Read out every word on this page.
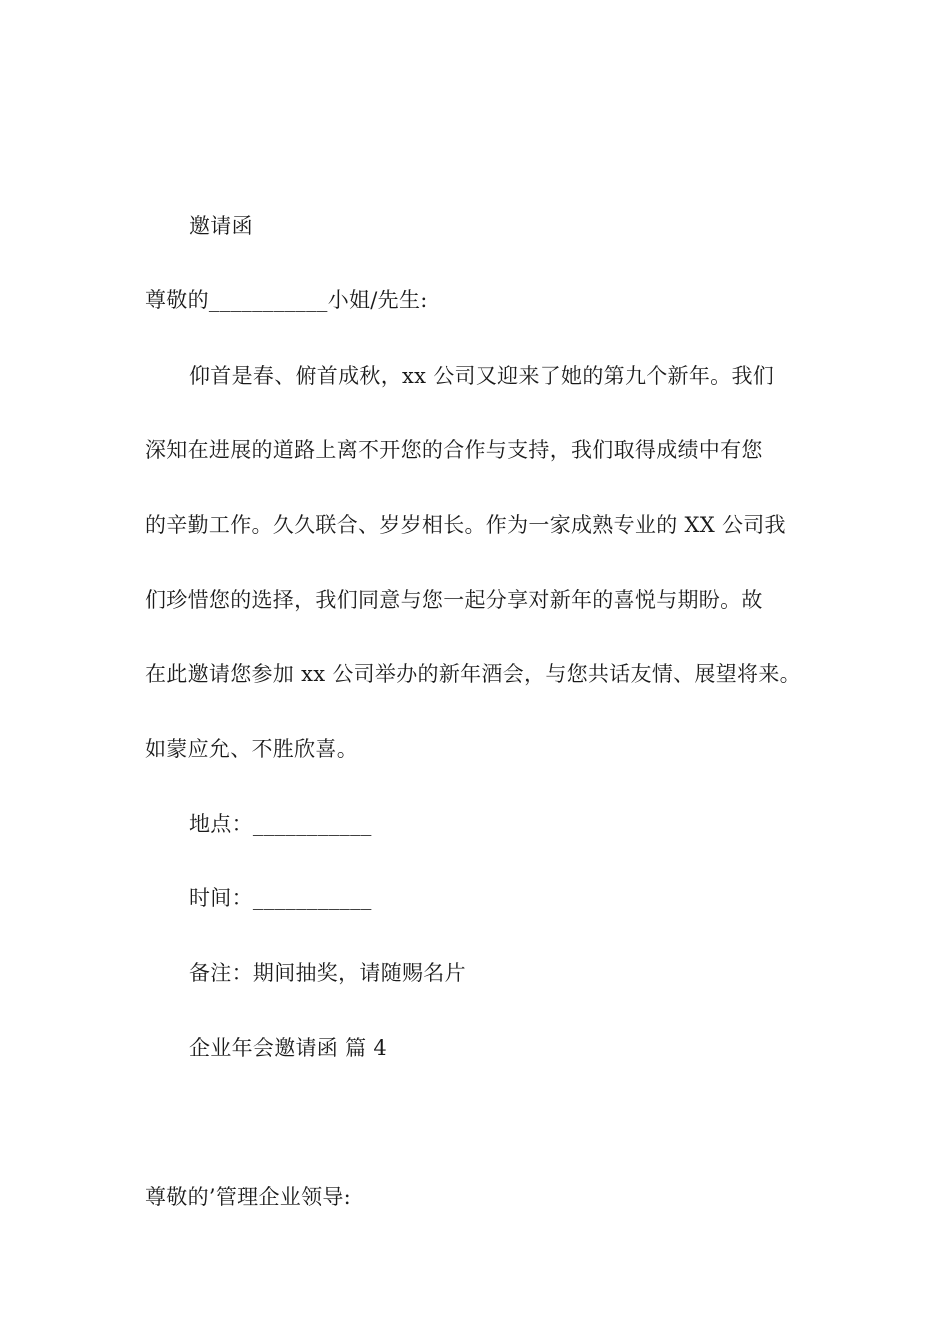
邀请函
尊敬的___________小姐/先生:
仰首是春、俯首成秋，xx 公司又迎来了她的第九个新年。我们
深知在进展的道路上离不开您的合作与支持，我们取得成绩中有您
的辛勤工作。久久联合、岁岁相长。作为一家成熟专业的 XX 公司我
们珍惜您的选择，我们同意与您一起分享对新年的喜悦与期盼。故
在此邀请您参加 xx 公司举办的新年酒会，与您共话友情、展望将来。
如蒙应允、不胜欣喜。
地点：___________
时间：___________
备注：期间抽奖，请随赐名片
企业年会邀请函 篇 4
尊敬的’管理企业领导:
